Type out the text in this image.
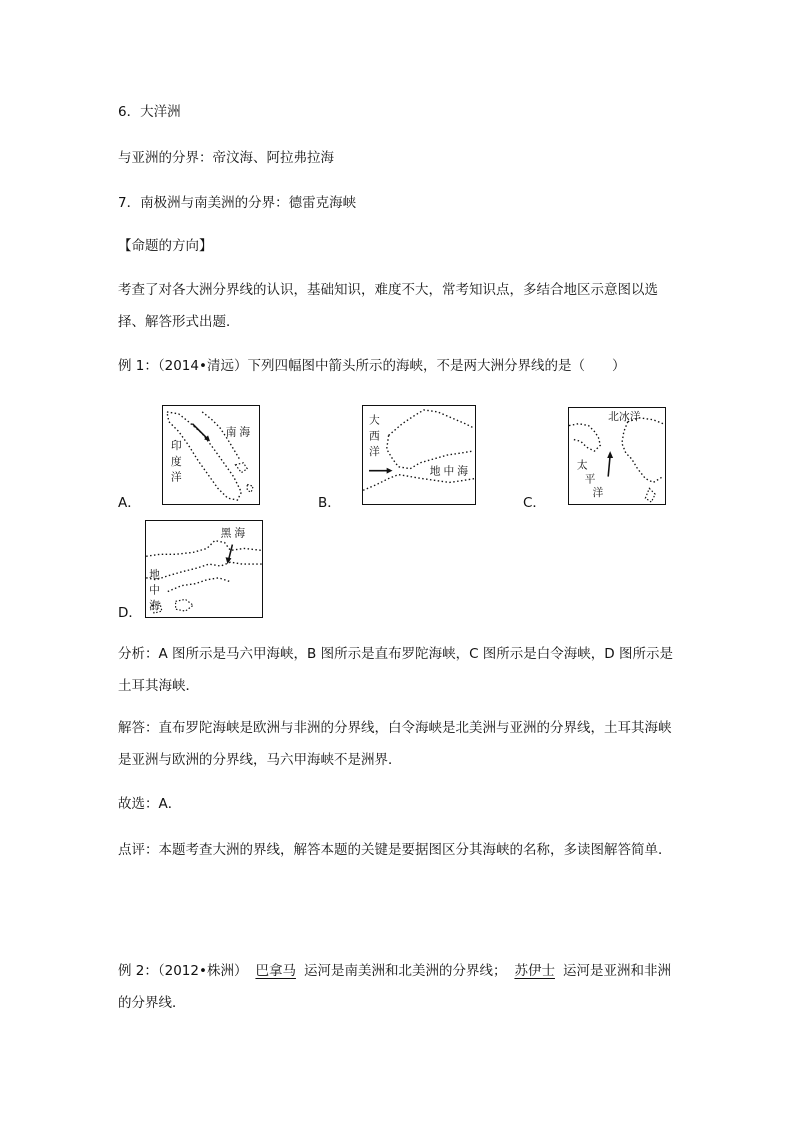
6．大洋洲
与亚洲的分界：帝汶海、阿拉弗拉海
7．南极洲与南美洲的分界：德雷克海峡
【命题的方向】
考查了对各大洲分界线的认识，基础知识，难度不大，常考知识点，多结合地区示意图以选择、解答形式出题．
例 1：（2014•清远）下列四幅图中箭头所示的海峡，不是两大洲分界线的是（　　）
A．
印
度
洋
南 海
B．
大
西
洋
地 中 海
C．
北冰洋
太
平
洋
D．
黑 海
地
中
海
分析：A 图所示是马六甲海峡，B 图所示是直布罗陀海峡，C 图所示是白令海峡，D 图所示是土耳其海峡．
解答：直布罗陀海峡是欧洲与非洲的分界线，白令海峡是北美洲与亚洲的分界线，土耳其海峡是亚洲与欧洲的分界线，马六甲海峡不是洲界．
故选：A．
点评：本题考查大洲的界线，解答本题的关键是要据图区分其海峡的名称，多读图解答简单．
例 2：（2012•株洲） 巴拿马 运河是南美洲和北美洲的分界线； 苏伊士 运河是亚洲和非洲的分界线．
